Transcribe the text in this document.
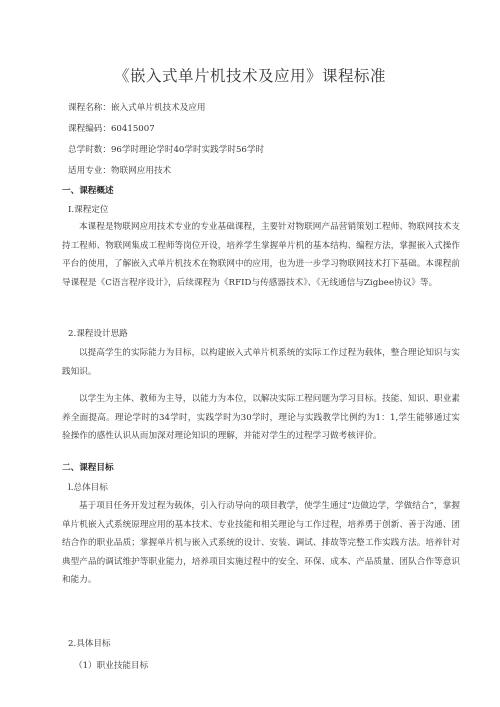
《嵌入式单片机技术及应用》课程标准
课程名称：嵌入式单片机技术及应用
课程编码：60415007
总学时数：96学时理论学时40学时实践学时56学时
适用专业：物联网应用技术
一、课程概述
I.课程定位
本课程是物联网应用技术专业的专业基础课程，主要针对物联网产品营销策划工程师、物联网技术支持工程师、物联网集成工程师等岗位开设，培养学生掌握单片机的基本结构、编程方法，掌握嵌入式操作平台的使用，了解嵌入式单片机技术在物联网中的应用，也为进一步学习物联网技术打下基础。本课程前导课程是《C语言程序设计》，后续课程为《RFID与传感器技术》、《无线通信与Zigbee协议》等。
2.课程设计思路
以提高学生的实际能力为目标，以构建嵌入式单片机系统的实际工作过程为载体，整合理论知识与实践知识。
以学生为主体、教师为主导，以能力为本位，以解决实际工程问题为学习目标。技能、知识、职业素养全面提高。理论学时的34学时，实践学时为30学时，理论与实践教学比例约为1：1,学生能够通过实验操作的感性认识从而加深对理论知识的理解，并能对学生的过程学习做考核评价。
二、课程目标
l.总体目标
基于项目任务开发过程为载体，引入行动导向的项目教学，使学生通过“边做边学，学做结合”，掌握单片机嵌入式系统原理应用的基本技术、专业技能和相关理论与工作过程，培养勇于创新、善于沟通、团结合作的职业品质；掌握单片机与嵌入式系统的设计、安装、调试、排故等完整工作实践方法。培养针对典型产品的调试维护等职业能力，培养项目实施过程中的安全、环保、成本、产品质量、团队合作等意识和能力。
2.具体目标
（1）职业技能目标
